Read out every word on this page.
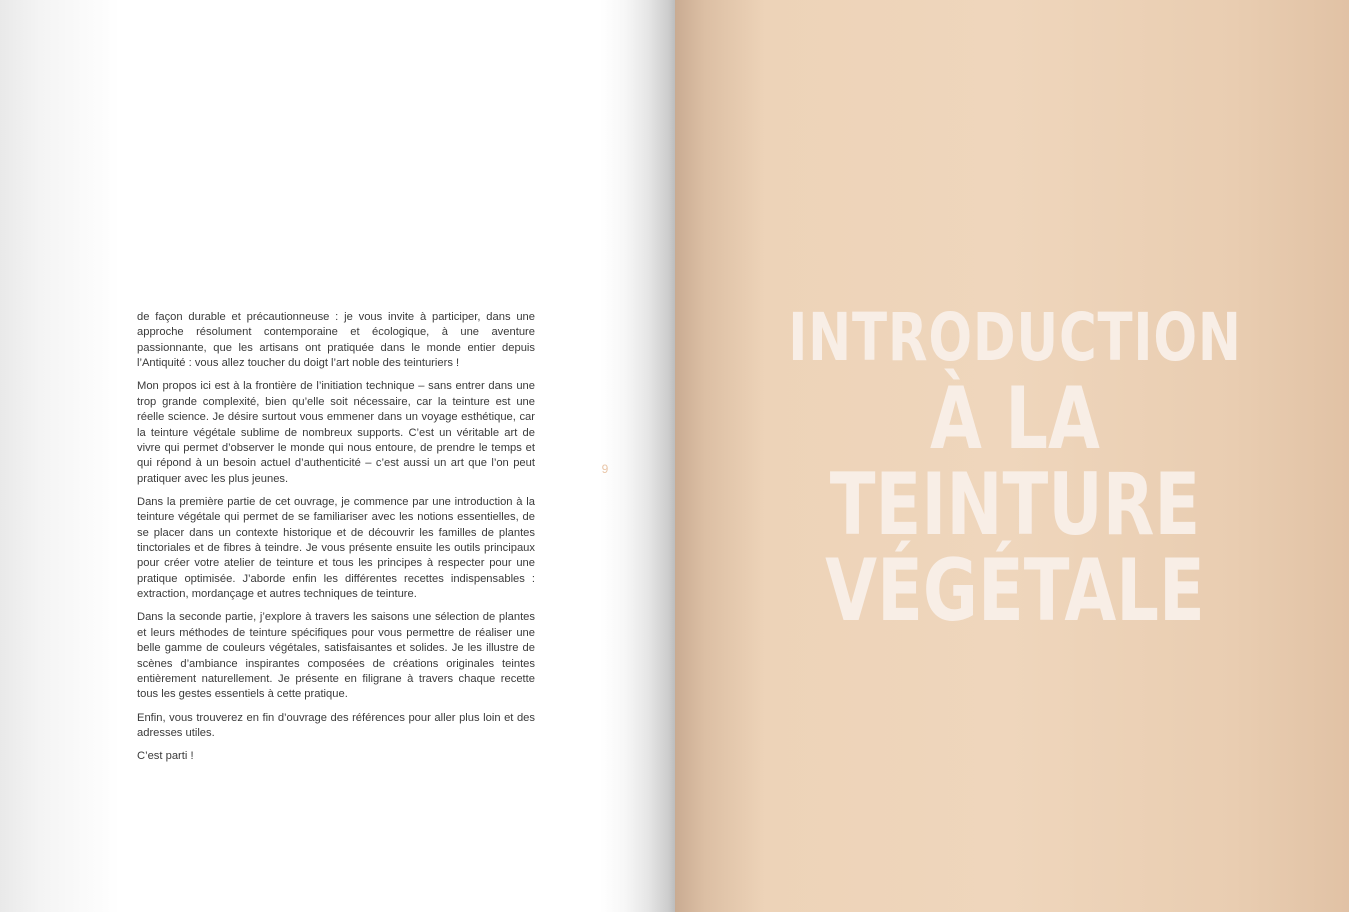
de façon durable et précautionneuse : je vous invite à participer, dans une approche résolument contemporaine et écologique, à une aventure passionnante, que les artisans ont pratiquée dans le monde entier depuis l’Antiquité : vous allez toucher du doigt l’art noble des teinturiers !

Mon propos ici est à la frontière de l’initiation technique – sans entrer dans une trop grande complexité, bien qu’elle soit nécessaire, car la teinture est une réelle science. Je désire surtout vous emmener dans un voyage esthétique, car la teinture végétale sublime de nombreux supports. C’est un véritable art de vivre qui permet d’observer le monde qui nous entoure, de prendre le temps et qui répond à un besoin actuel d’authenticité – c’est aussi un art que l’on peut pratiquer avec les plus jeunes.

Dans la première partie de cet ouvrage, je commence par une introduction à la teinture végétale qui permet de se familiariser avec les notions essentielles, de se placer dans un contexte historique et de découvrir les familles de plantes tinctoriales et de fibres à teindre. Je vous présente ensuite les outils principaux pour créer votre atelier de teinture et tous les principes à respecter pour une pratique optimisée. J’aborde enfin les différentes recettes indispensables : extraction, mordançage et autres techniques de teinture.

Dans la seconde partie, j’explore à travers les saisons une sélection de plantes et leurs méthodes de teinture spécifiques pour vous permettre de réaliser une belle gamme de couleurs végétales, satisfaisantes et solides. Je les illustre de scènes d’ambiance inspirantes composées de créations originales teintes entièrement naturellement. Je présente en filigrane à travers chaque recette tous les gestes essentiels à cette pratique.

Enfin, vous trouverez en fin d’ouvrage des références pour aller plus loin et des adresses utiles.

C’est parti !

9
INTRODUCTION
À LA TEINTURE
VÉGÉTALE
